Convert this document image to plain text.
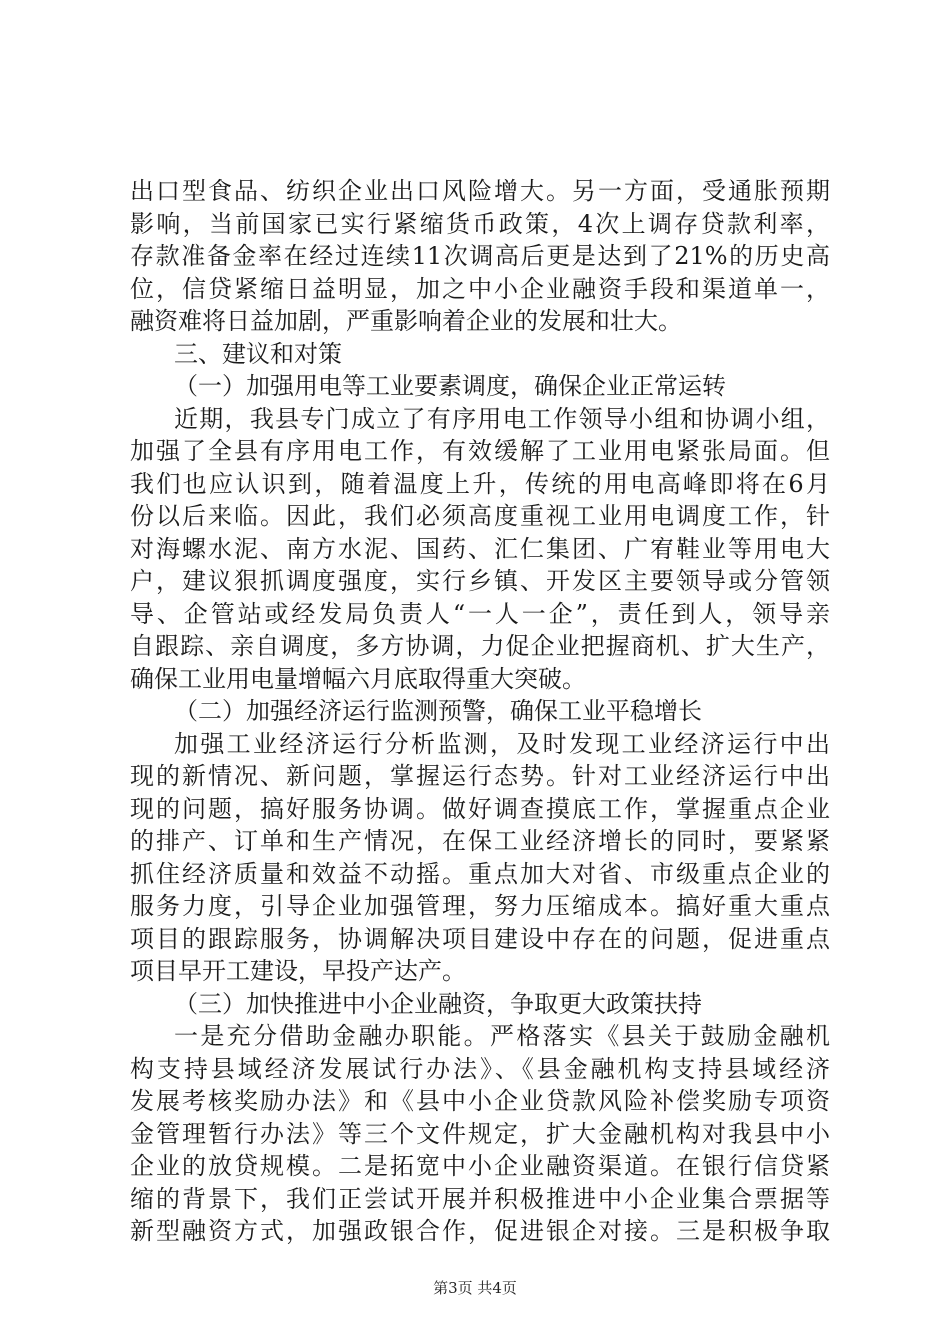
出口型食品、纺织企业出口风险增大。另一方面，受通胀预期
影响，当前国家已实行紧缩货币政策，4次上调存贷款利率，
存款准备金率在经过连续11次调高后更是达到了21%的历史高
位，信贷紧缩日益明显，加之中小企业融资手段和渠道单一，
融资难将日益加剧，严重影响着企业的发展和壮大。
三、建议和对策
（一）加强用电等工业要素调度，确保企业正常运转
近期，我县专门成立了有序用电工作领导小组和协调小组，
加强了全县有序用电工作，有效缓解了工业用电紧张局面。但
我们也应认识到，随着温度上升，传统的用电高峰即将在6月
份以后来临。因此，我们必须高度重视工业用电调度工作，针
对海螺水泥、南方水泥、国药、汇仁集团、广宥鞋业等用电大
户，建议狠抓调度强度，实行乡镇、开发区主要领导或分管领
导、企管站或经发局负责人“一人一企”，责任到人，领导亲
自跟踪、亲自调度，多方协调，力促企业把握商机、扩大生产，
确保工业用电量增幅六月底取得重大突破。
（二）加强经济运行监测预警，确保工业平稳增长
加强工业经济运行分析监测，及时发现工业经济运行中出
现的新情况、新问题，掌握运行态势。针对工业经济运行中出
现的问题，搞好服务协调。做好调查摸底工作，掌握重点企业
的排产、订单和生产情况，在保工业经济增长的同时，要紧紧
抓住经济质量和效益不动摇。重点加大对省、市级重点企业的
服务力度，引导企业加强管理，努力压缩成本。搞好重大重点
项目的跟踪服务，协调解决项目建设中存在的问题，促进重点
项目早开工建设，早投产达产。
（三）加快推进中小企业融资，争取更大政策扶持
一是充分借助金融办职能。严格落实《县关于鼓励金融机
构支持县域经济发展试行办法》、《县金融机构支持县域经济
发展考核奖励办法》和《县中小企业贷款风险补偿奖励专项资
金管理暂行办法》等三个文件规定，扩大金融机构对我县中小
企业的放贷规模。二是拓宽中小企业融资渠道。在银行信贷紧
缩的背景下，我们正尝试开展并积极推进中小企业集合票据等
新型融资方式，加强政银合作，促进银企对接。三是积极争取
第3页 共4页
